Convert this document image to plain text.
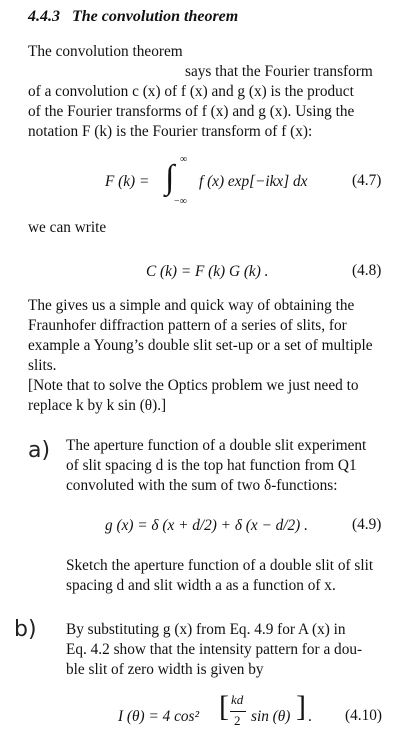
4.4.3 The convolution theorem
The convolution theorem
says that the Fourier transform
of a convolution c (x) of f (x) and g (x) is the product
of the Fourier transforms of f (x) and g (x). Using the
notation F (k) is the Fourier transform of f (x):
F (k) = ∫ ∞
−∞
f (x) exp[−ikx] dx	(4.7)
we can write
C (k) = F (k) G (k) .	(4.8)
The gives us a simple and quick way of obtaining the
Fraunhofer diffraction pattern of a series of slits, for
example a Young’s double slit set-up or a set of multiple
slits.
[Note that to solve the Optics problem we just need to
replace k by k sin (θ).]
a) The aperture function of a double slit experiment
of slit spacing d is the top hat function from Q1
convoluted with the sum of two δ-functions:
g (x) = δ (x + d/2) + δ (x − d/2) .	(4.9)
Sketch the aperture function of a double slit of slit
spacing d and slit width a as a function of x.
b) By substituting g (x) from Eq. 4.9 for A (x) in
Eq. 4.2 show that the intensity pattern for a dou-
ble slit of zero width is given by
I (θ) = 4 cos² [ kd
2 sin (θ) ] . (4.10)
